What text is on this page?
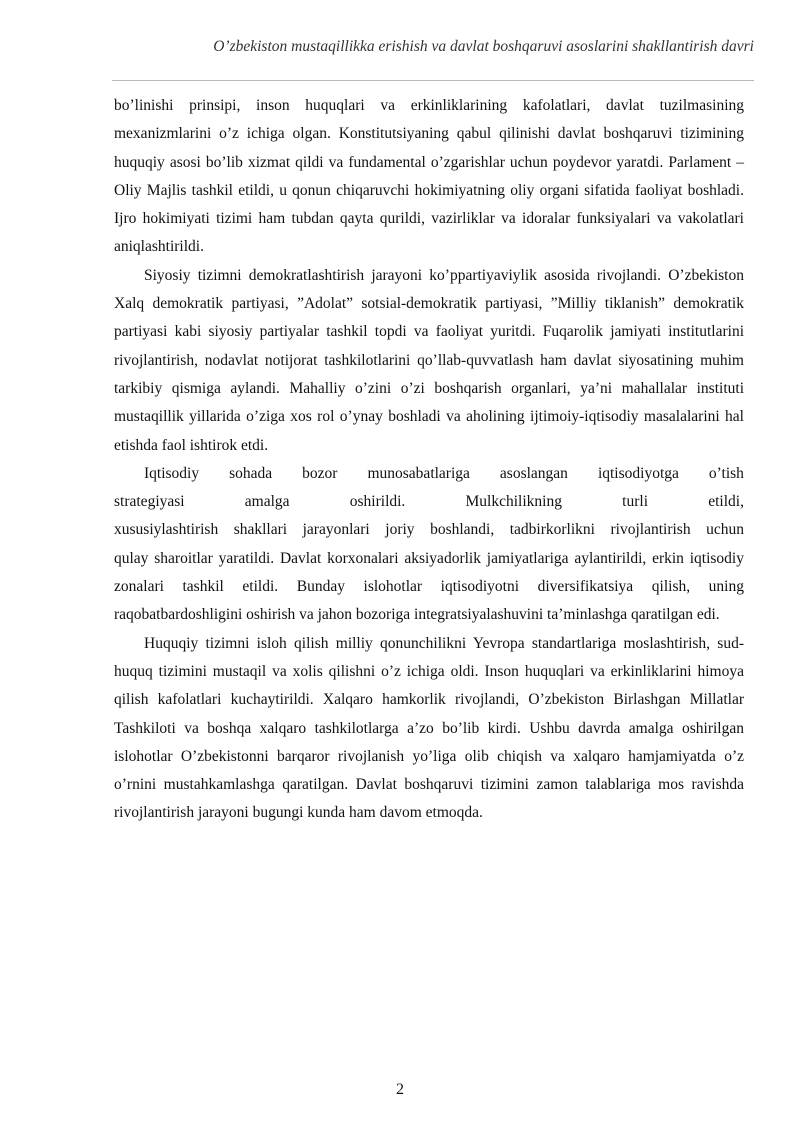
O’zbekiston mustaqillikka erishish va davlat boshqaruvi asoslarini shakllantirish davri

bo’linishi prinsipi, inson huquqlari va erkinliklarining kafolatlari, davlat tuzilmasining mexanizmlarini o’z ichiga olgan. Konstitutsiyaning qabul qilinishi davlat boshqaruvi tizimining huquqiy asosi bo’lib xizmat qildi va fundamental o’zgarishlar uchun poydevor yaratdi. Parlament – Oliy Majlis tashkil etildi, u qonun chiqaruvchi hokimiyatning oliy organi sifatida faoliyat boshladi. Ijro hokimiyati tizimi ham tubdan qayta qurildi, vazirliklar va idoralar funksiyalari va vakolatlari aniqlashtirildi.

Siyosiy tizimni demokratlashtirish jarayoni ko’ppartiyaviylik asosida rivojlandi. O’zbekiston Xalq demokratik partiyasi, ”Adolat” sotsial-demokratik partiyasi, ”Milliy tiklanish” demokratik partiyasi kabi siyosiy partiyalar tashkil topdi va faoliyat yuritdi. Fuqarolik jamiyati institutlarini rivojlantirish, nodavlat notijorat tashkilotlarini qo’llab-quvvatlash ham davlat siyosatining muhim tarkibiy qismiga aylandi. Mahalliy o’zini o’zi boshqarish organlari, ya’ni mahallalar instituti mustaqillik yillarida o’ziga xos rol o’ynay boshladi va aholining ijtimoiy-iqtisodiy masalalarini hal etishda faol ishtirok etdi.

Iqtisodiy sohada bozor munosabatlariga asoslangan iqtisodiyotga o’tish
strategiyasi	amalga	oshirildi.	Mulkchilikning	turli	etildi,
xususiylashtirish shakllari jarayonlari joriy boshlandi, tadbirkorlikni rivojlantirish uchun

qulay sharoitlar yaratildi. Davlat korxonalari aksiyadorlik jamiyatlariga aylantirildi, erkin iqtisodiy zonalari tashkil etildi. Bunday islohotlar iqtisodiyotni diversifikatsiya qilish, uning raqobatbardoshligini oshirish va jahon bozoriga integratsiyalashuvini ta’minlashga qaratilgan edi.

Huquqiy tizimni isloh qilish milliy qonunchilikni Yevropa standartlariga moslashtirish, sud-huquq tizimini mustaqil va xolis qilishni o’z ichiga oldi. Inson huquqlari va erkinliklarini himoya qilish kafolatlari kuchaytirildi. Xalqaro hamkorlik rivojlandi, O’zbekiston Birlashgan Millatlar Tashkiloti va boshqa xalqaro tashkilotlarga a’zo bo’lib kirdi. Ushbu davrda amalga oshirilgan islohotlar O’zbekistonni barqaror rivojlanish yo’liga olib chiqish va xalqaro hamjamiyatda o’z o’rnini mustahkamlashga qaratilgan. Davlat boshqaruvi tizimini zamon talablariga mos ravishda rivojlantirish jarayoni bugungi kunda ham davom etmoqda.

2
